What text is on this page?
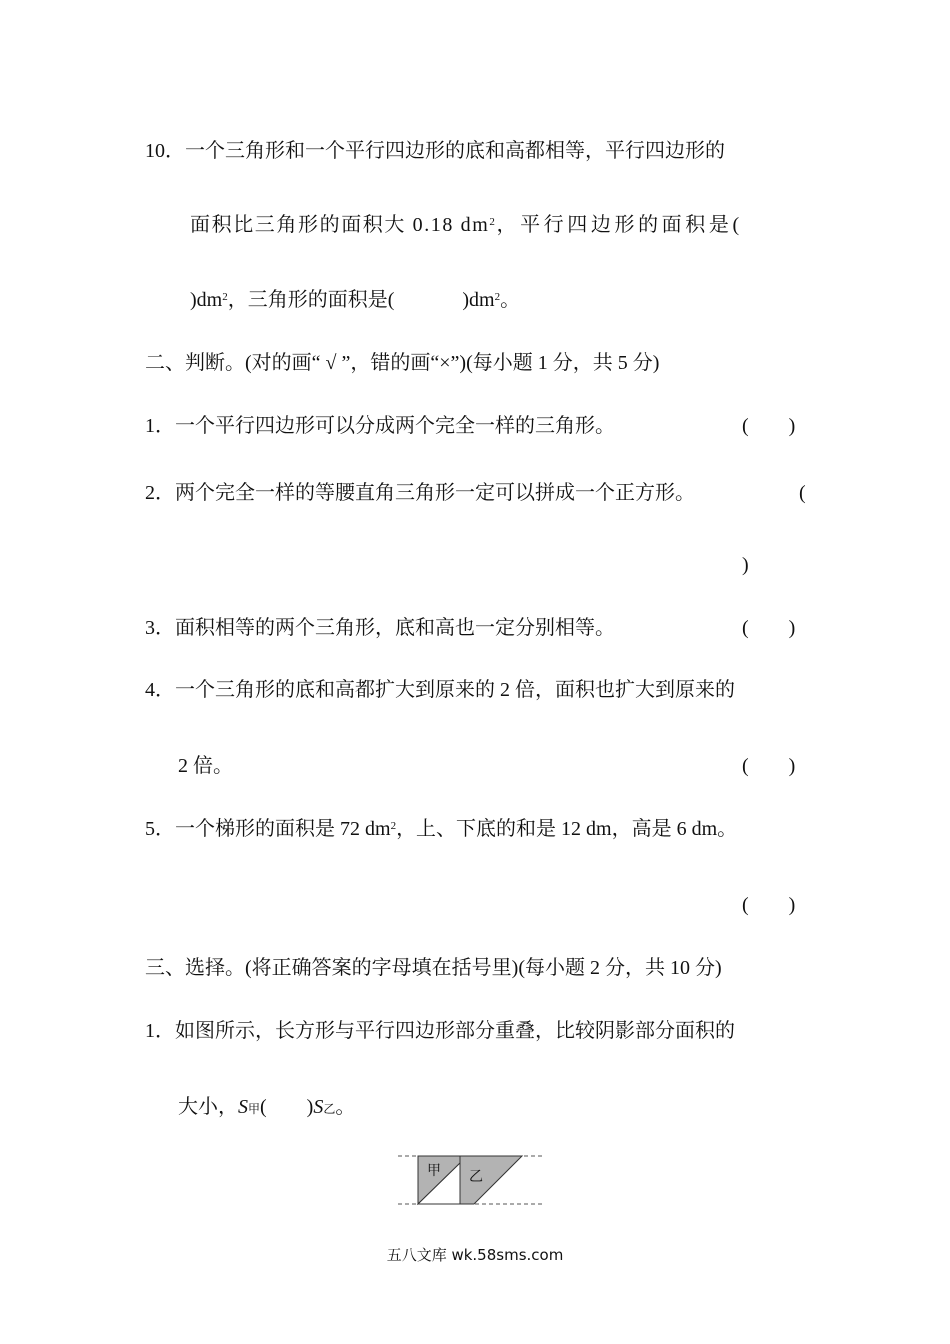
10．一个三角形和一个平行四边形的底和高都相等，平行四边形的
面积比三角形的面积大 0.18 $dm^2$，平行四边形的面积是(
)$dm^2$，三角形的面积是(	)$dm^2$。
二、判断。(对的画“ √ ”，错的画“×”)(每小题 1 分，共 5 分)
1．一个平行四边形可以分成两个完全一样的三角形。	(　　)
2．两个完全一样的等腰直角三角形一定可以拼成一个正方形。	(
)
3．面积相等的两个三角形，底和高也一定分别相等。	(　　)
4．一个三角形的底和高都扩大到原来的 2 倍，面积也扩大到原来的
2 倍。	(　　)
5．一个梯形的面积是 72 $dm^2$，上、下底的和是 12 dm，高是 6 dm。
(　　)
三、选择。(将正确答案的字母填在括号里)(每小题 2 分，共 10 分)
1．如图所示，长方形与平行四边形部分重叠，比较阴影部分面积的
大小，S甲(　　)S乙。
甲 乙
五八文库 wk.58sms.com
